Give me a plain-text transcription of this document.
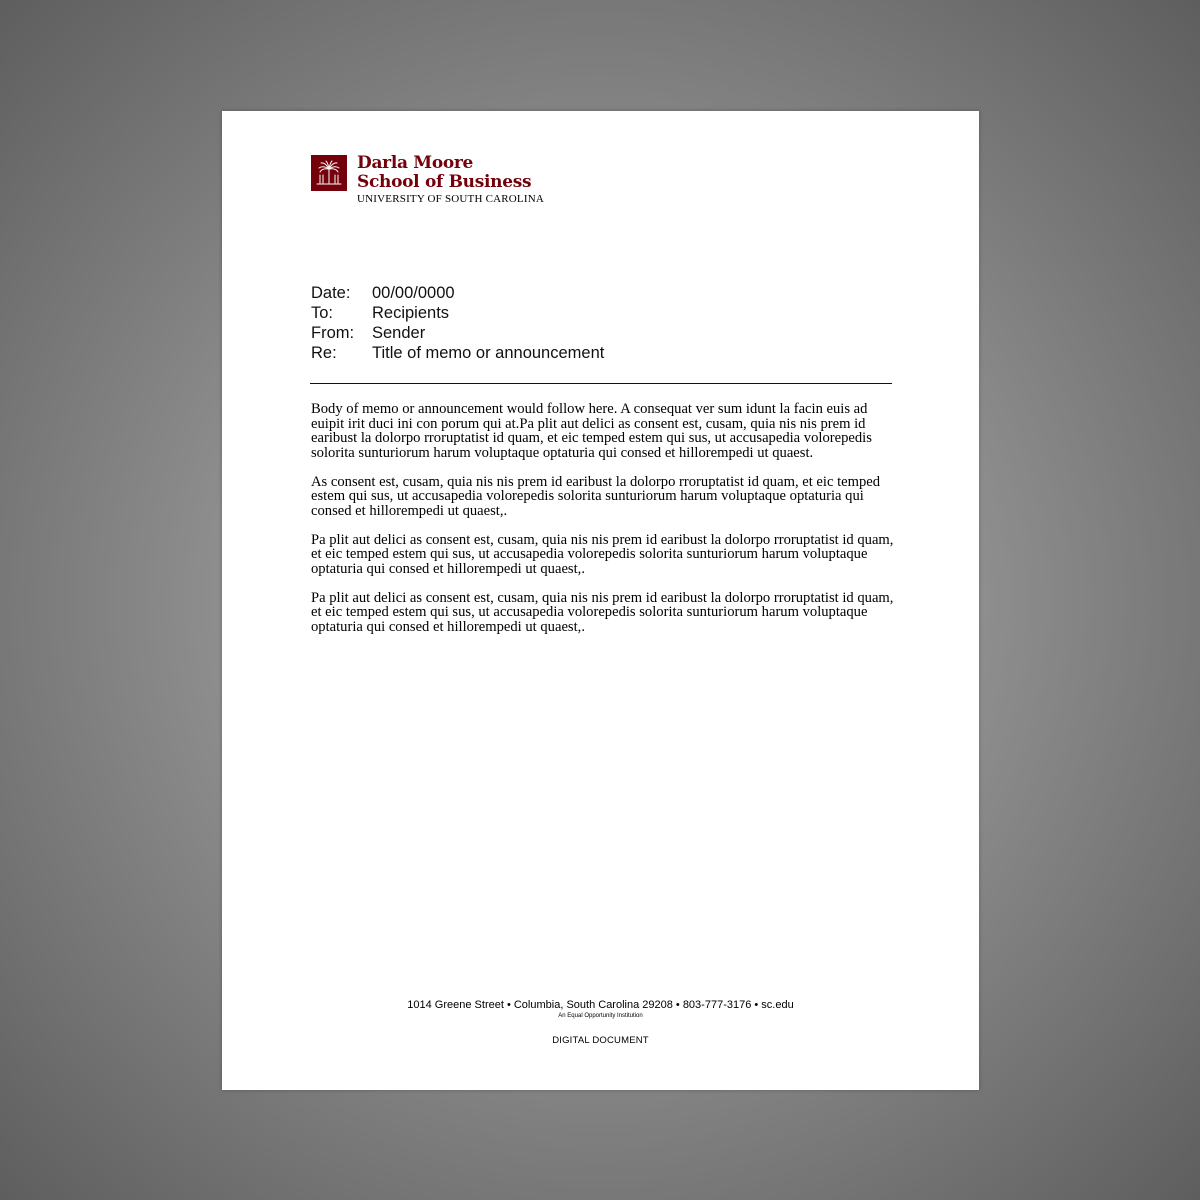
Darla Moore
School of Business
UNIVERSITY OF SOUTH CAROLINA
Date:	00/00/0000
To:	Recipients
From:	Sender
Re:	Title of memo or announcement

Body of memo or announcement would follow here. A consequat ver sum idunt la facin euis ad euipit irit duci ini con porum qui at.Pa plit aut delici as consent est, cusam, quia nis nis prem id earibust la dolorpo rroruptatist id quam, et eic temped estem qui sus, ut accusapedia volorepedis solorita sunturiorum harum voluptaque optaturia qui consed et hillorempedi ut quaest.

As consent est, cusam, quia nis nis prem id earibust la dolorpo rroruptatist id quam, et eic temped estem qui sus, ut accusapedia volorepedis solorita sunturiorum harum voluptaque optaturia qui consed et hillorempedi ut quaest,.

Pa plit aut delici as consent est, cusam, quia nis nis prem id earibust la dolorpo rroruptatist id quam, et eic temped estem qui sus, ut accusapedia volorepedis solorita sunturiorum harum voluptaque optaturia qui consed et hillorempedi ut quaest,.

Pa plit aut delici as consent est, cusam, quia nis nis prem id earibust la dolorpo rroruptatist id quam, et eic temped estem qui sus, ut accusapedia volorepedis solorita sunturiorum harum voluptaque optaturia qui consed et hillorempedi ut quaest,.

1014 Greene Street • Columbia, South Carolina 29208 • 803-777-3176 • sc.edu
An Equal Opportunity Institution
DIGITAL DOCUMENT
